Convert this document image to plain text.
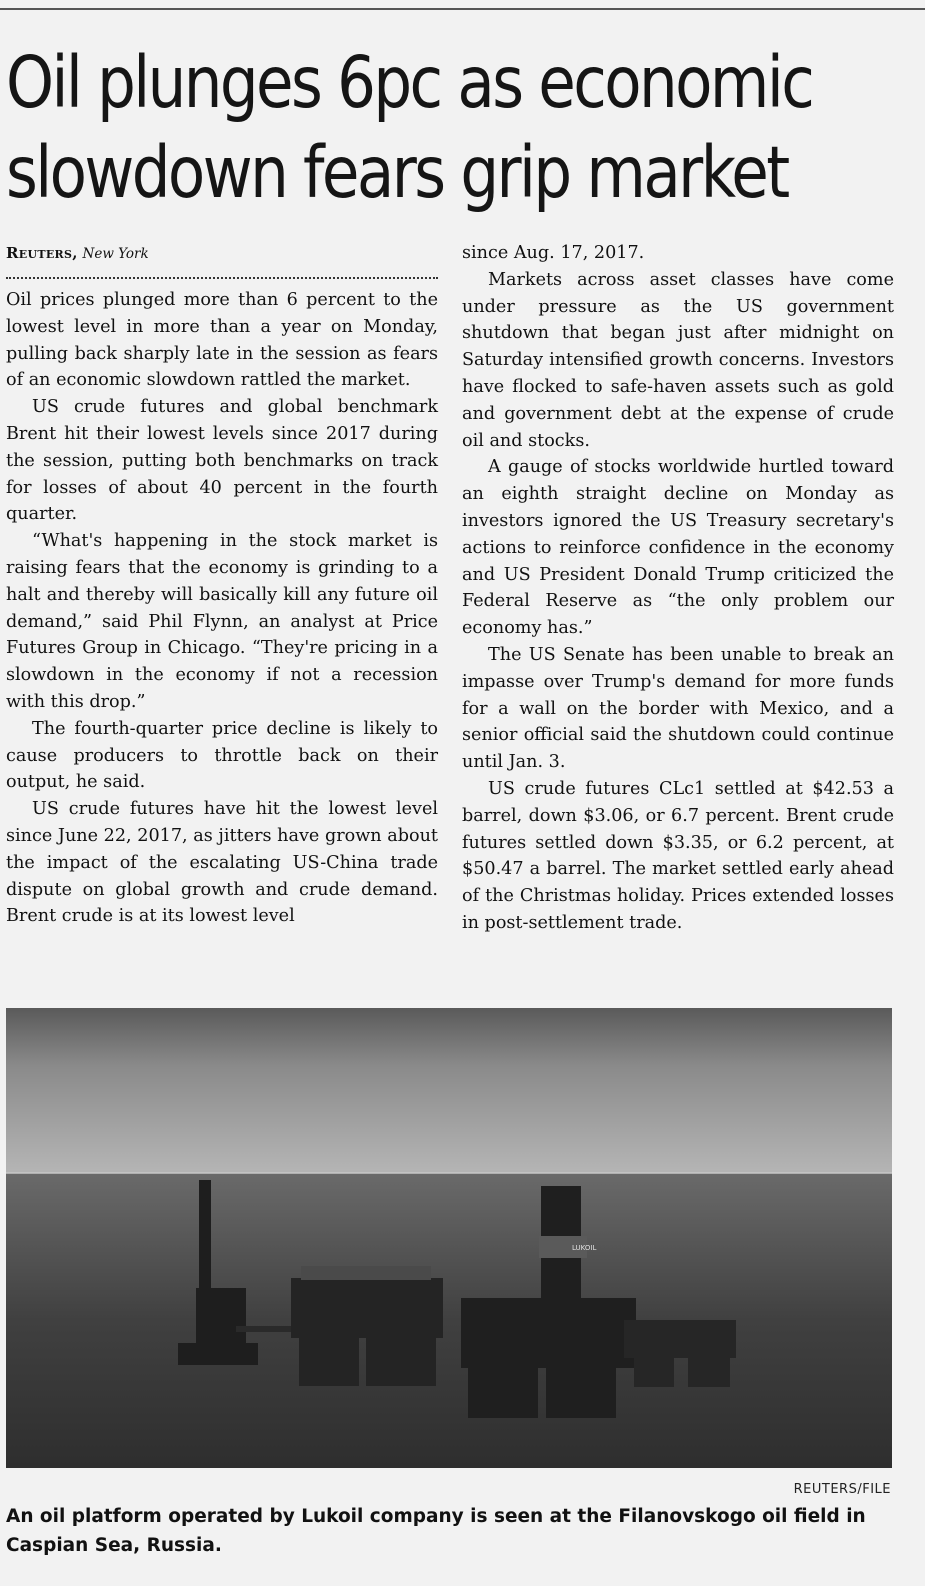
Oil plunges 6pc as economic
slowdown fears grip market

Reuters, New York

Oil prices plunged more than 6 percent to the lowest level in more than a year on Monday, pulling back sharply late in the session as fears of an economic slowdown rattled the market.

US crude futures and global benchmark Brent hit their lowest levels since 2017 during the session, putting both benchmarks on track for losses of about 40 percent in the fourth quarter.

“What's happening in the stock market is raising fears that the economy is grinding to a halt and thereby will basically kill any future oil demand,” said Phil Flynn, an analyst at Price Futures Group in Chicago. “They're pricing in a slowdown in the economy if not a recession with this drop.”

The fourth-quarter price decline is likely to cause producers to throttle back on their output, he said.

US crude futures have hit the lowest level since June 22, 2017, as jitters have grown about the impact of the escalating US-China trade dispute on global growth and crude demand. Brent crude is at its lowest level

since Aug. 17, 2017.

Markets across asset classes have come under pressure as the US government shutdown that began just after midnight on Saturday intensified growth concerns. Investors have flocked to safe-haven assets such as gold and government debt at the expense of crude oil and stocks.

A gauge of stocks worldwide hurtled toward an eighth straight decline on Monday as investors ignored the US Treasury secretary's actions to reinforce confidence in the economy and US President Donald Trump criticized the Federal Reserve as “the only problem our economy has.”

The US Senate has been unable to break an impasse over Trump's demand for more funds for a wall on the border with Mexico, and a senior official said the shutdown could continue until Jan. 3.

US crude futures CLc1 settled at $42.53 a barrel, down $3.06, or 6.7 percent. Brent crude futures settled down $3.35, or 6.2 percent, at $50.47 a barrel. The market settled early ahead of the Christmas holiday. Prices extended losses in post-settlement trade.

LUKOIL
REUTERS/FILE
An oil platform operated by Lukoil company is seen at the Filanovskogo oil field in Caspian Sea, Russia.
